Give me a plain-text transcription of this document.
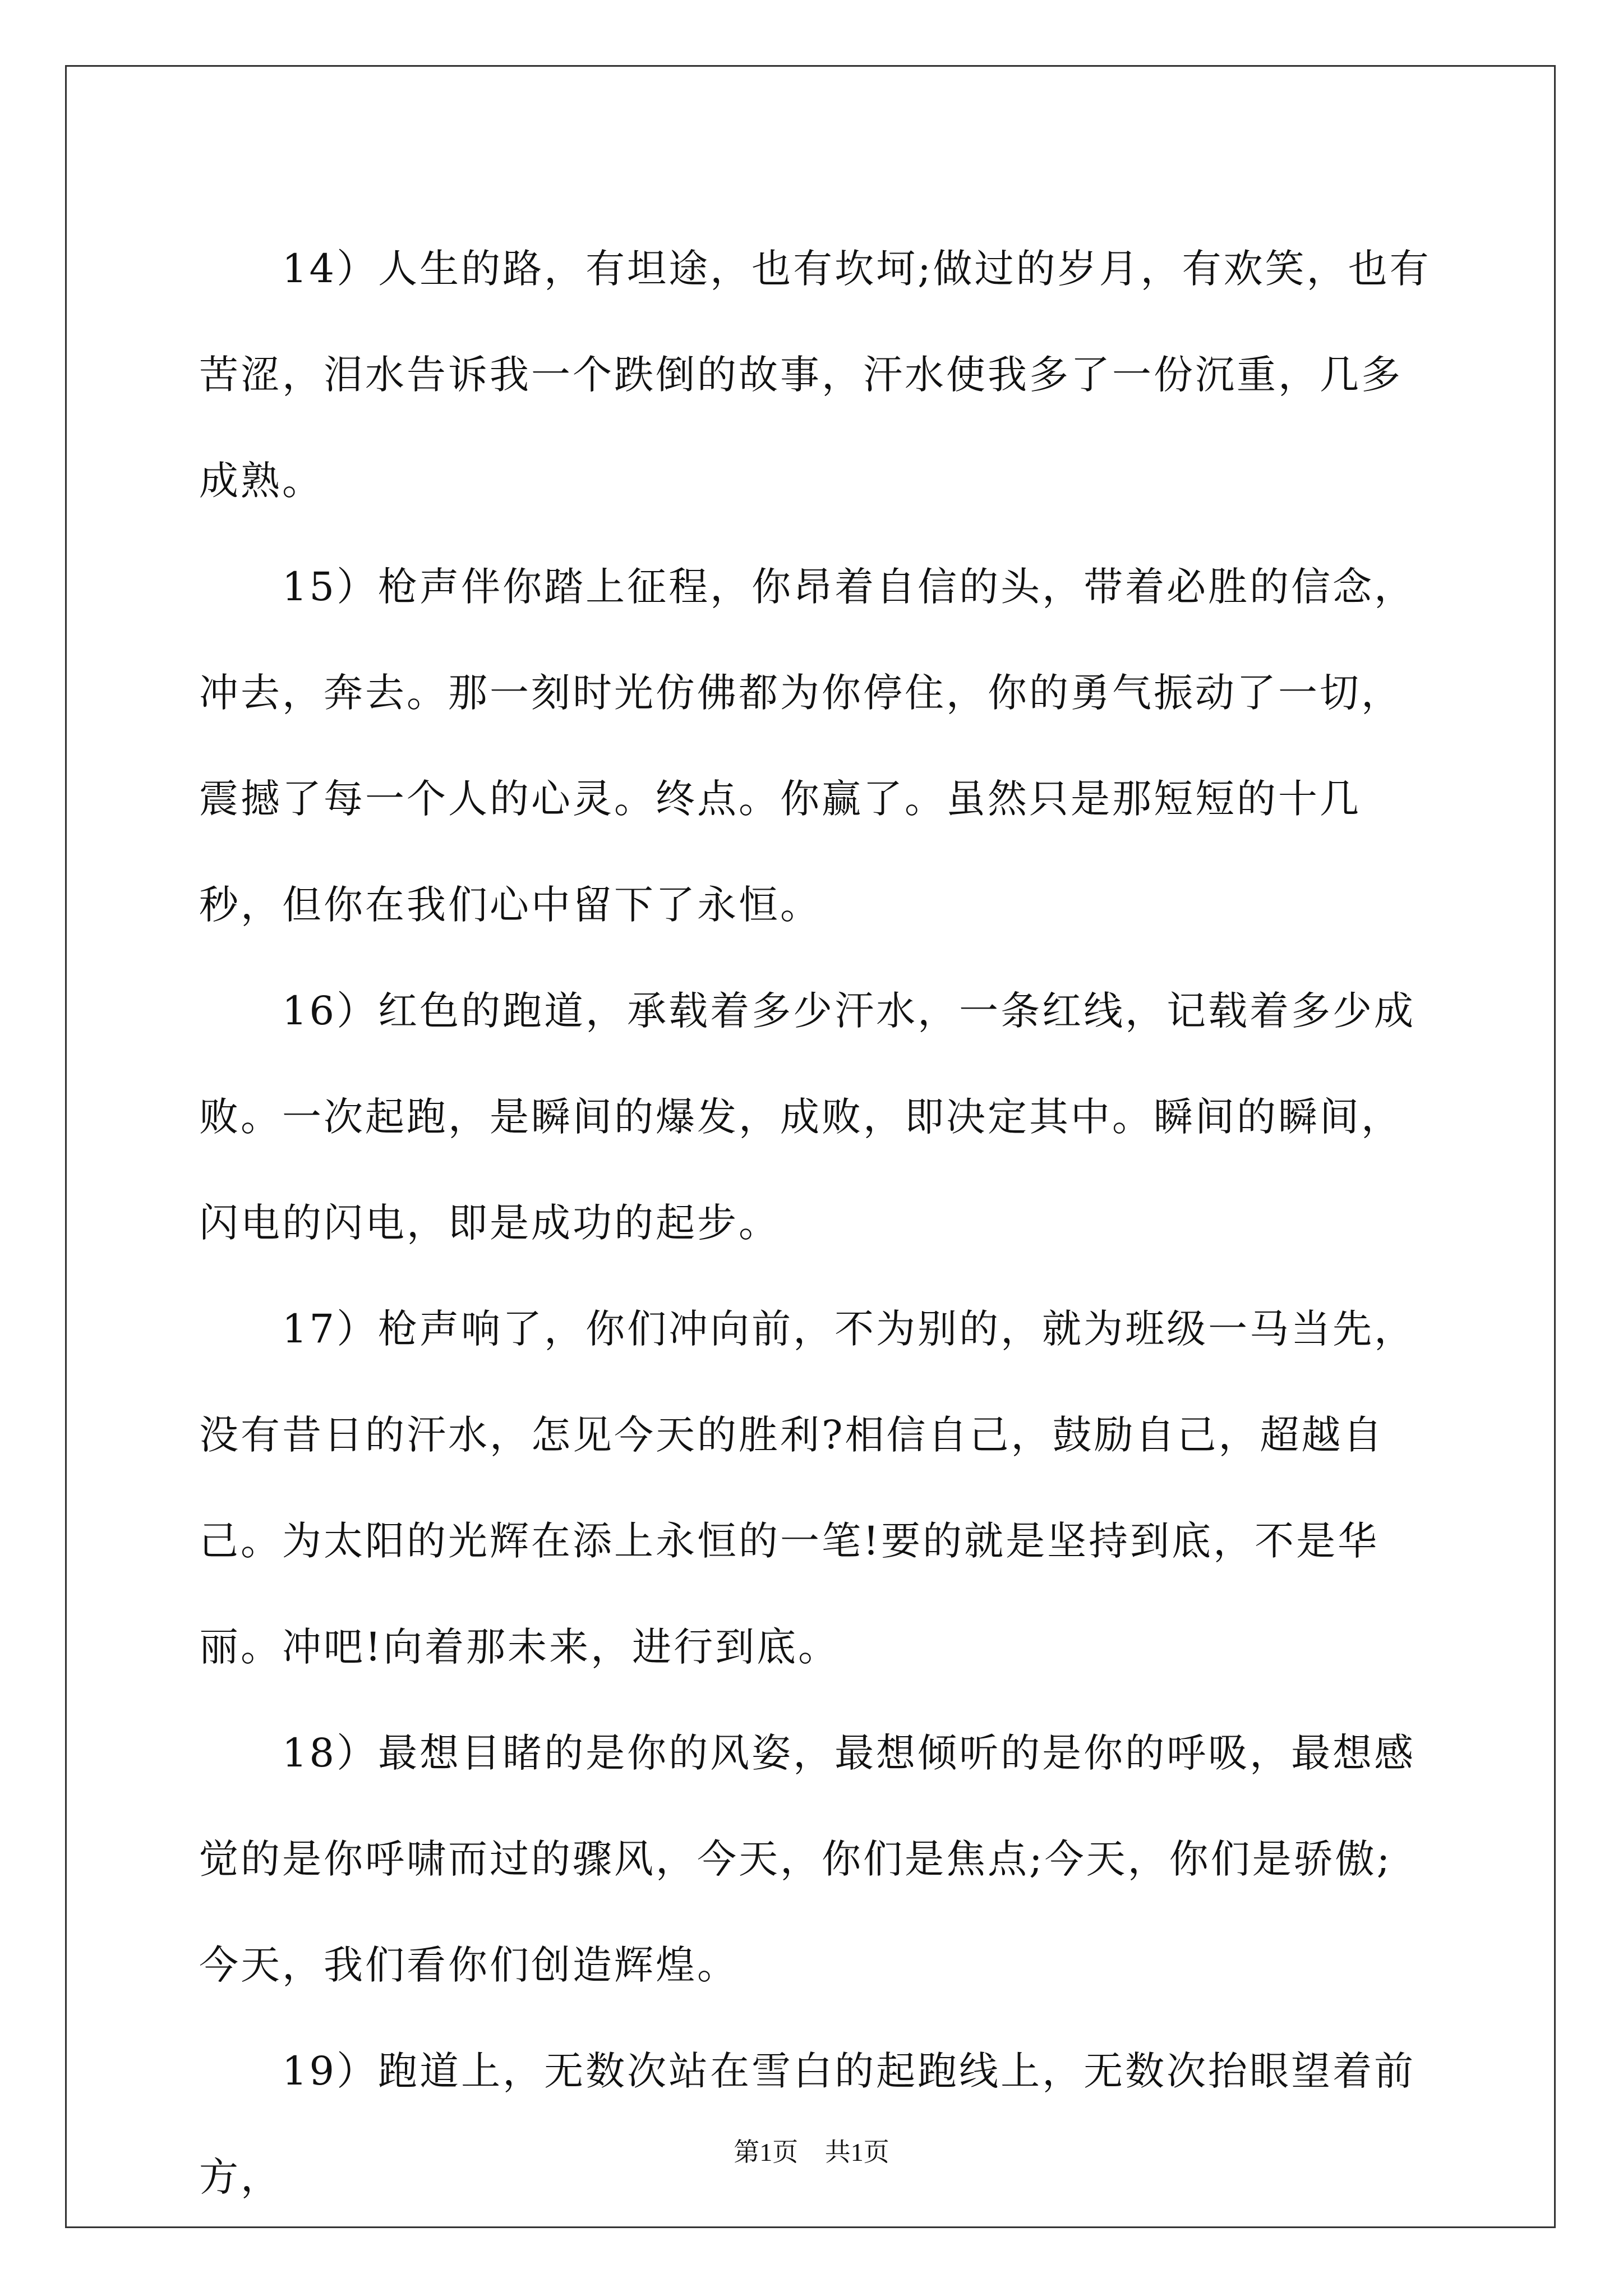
14）人生的路，有坦途，也有坎坷;做过的岁月，有欢笑，也有苦涩，泪水告诉我一个跌倒的故事，汗水使我多了一份沉重，几多成熟。

15）枪声伴你踏上征程，你昂着自信的头，带着必胜的信念，冲去，奔去。那一刻时光仿佛都为你停住，你的勇气振动了一切，震撼了每一个人的心灵。终点。你赢了。虽然只是那短短的十几秒，但你在我们心中留下了永恒。

16）红色的跑道，承载着多少汗水，一条红线，记载着多少成败。一次起跑，是瞬间的爆发，成败，即决定其中。瞬间的瞬间，闪电的闪电，即是成功的起步。

17）枪声响了，你们冲向前，不为别的，就为班级一马当先，没有昔日的汗水，怎见今天的胜利?相信自己，鼓励自己，超越自己。为太阳的光辉在添上永恒的一笔!要的就是坚持到底，不是华丽。冲吧!向着那未来，进行到底。

18）最想目睹的是你的风姿，最想倾听的是你的呼吸，最想感觉的是你呼啸而过的骤风，今天，你们是焦点;今天，你们是骄傲;今天，我们看你们创造辉煌。

19）跑道上，无数次站在雪白的起跑线上，无数次抬眼望着前方，

第1页 共1页
